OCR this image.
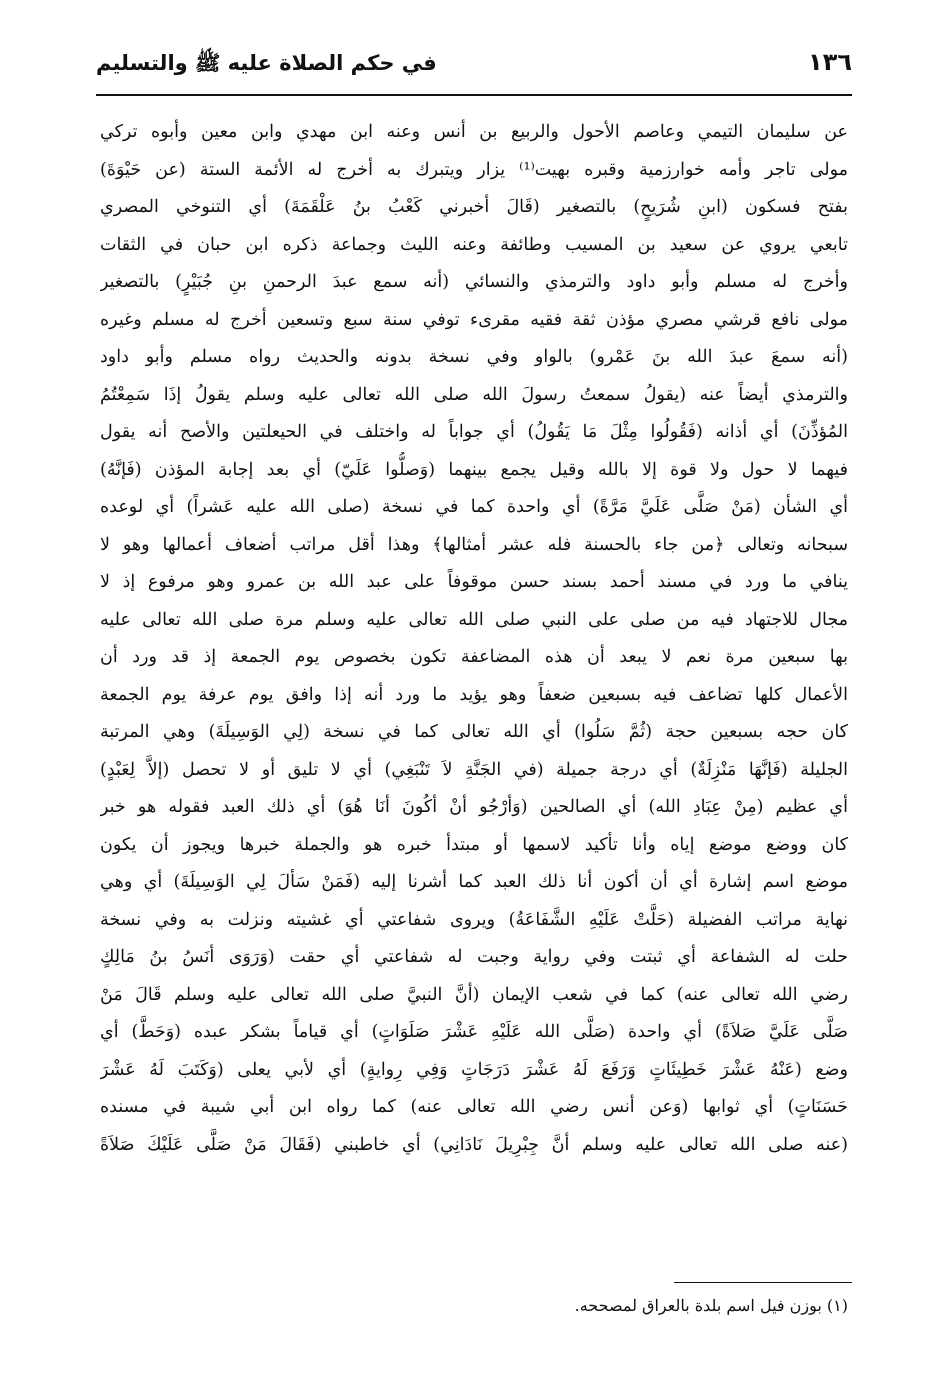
١٣٦
في حكم الصلاة عليه ﷺ والتسليم
عن سليمان التيمي وعاصم الأحول والربيع بن أنس وعنه ابن مهدي وابن معين وأبوه تركي
مولى تاجر وأمه خوارزمية وقبره بهيت⁽¹⁾ يزار ويتبرك به أخرج له الأئمة الستة (عن حَيْوَةَ)
بفتح فسكون (ابنِ شُرَيحٍ) بالتصغير (قَالَ أخبرني كَعْبُ بنُ عَلْقَمَةَ) أي التنوخي المصري
تابعي يروي عن سعيد بن المسيب وطائفة وعنه الليث وجماعة ذكره ابن حبان في الثقات
وأخرج له مسلم وأبو داود والترمذي والنسائي (أنه سمع عبدَ الرحمنِ بنِ جُبَيْرٍ) بالتصغير
مولى نافع قرشي مصري مؤذن ثقة فقيه مقرىء توفي سنة سبع وتسعين أخرج له مسلم وغيره
(أنه سمعَ عبدَ الله بنَ عَمْرو) بالواو وفي نسخة بدونه والحديث رواه مسلم وأبو داود
والترمذي أيضاً عنه (يقولُ سمعتُ رسولَ الله صلى الله تعالى عليه وسلم يقولُ إذَا سَمِعْتُمُ
المُؤذِّنَ) أي أذانه (فَقُولُوا مِثْلَ مَا يَقُولُ) أي جواباً له واختلف في الحيعلتين والأصح أنه يقول
فيهما لا حول ولا قوة إلا بالله وقيل يجمع بينهما (وَصلُّوا عَلَيّ) أي بعد إجابة المؤذن (فَإنَّهُ)
أي الشأن (مَنْ صَلَّى عَلَيَّ مَرَّةً) أي واحدة كما في نسخة (صلى الله عليه عَشراً) أي لوعده
سبحانه وتعالى ﴿من جاء بالحسنة فله عشر أمثالها﴾ وهذا أقل مراتب أضعاف أعمالها وهو لا
ينافي ما ورد في مسند أحمد بسند حسن موقوفاً على عبد الله بن عمرو وهو مرفوع إذ لا
مجال للاجتهاد فيه من صلى على النبي صلى الله تعالى عليه وسلم مرة صلى الله تعالى عليه
بها سبعين مرة نعم لا يبعد أن هذه المضاعفة تكون بخصوص يوم الجمعة إذ قد ورد أن
الأعمال كلها تضاعف فيه بسبعين ضعفاً وهو يؤيد ما ورد أنه إذا وافق يوم عرفة يوم الجمعة
كان حجه بسبعين حجة (ثُمَّ سَلُوا) أي الله تعالى كما في نسخة (لِي الوَسِيلَةَ) وهي المرتبة
الجليلة (فَإنَّهَا مَنْزِلَةٌ) أي درجة جميلة (في الجَنَّةِ لاَ تَنْبَغِي) أي لا تليق أو لا تحصل (إلاَّ لِعَبْدٍ)
أي عظيم (مِنْ عِبَادِ الله) أي الصالحين (وَأرْجُو أنْ أكُونَ أنَا هُوَ) أي ذلك العبد فقوله هو خبر
كان ووضع موضع إياه وأنا تأكيد لاسمها أو مبتدأ خبره هو والجملة خبرها ويجوز أن يكون
موضع اسم إشارة أي أن أكون أنا ذلك العبد كما أشرنا إليه (فَمَنْ سَألَ لِي الوَسِيلَةَ) أي وهي
نهاية مراتب الفضيلة (حَلَّتْ عَلَيْهِ الشَّفَاعَةُ) ويروى شفاعتي أي غشيته ونزلت به وفي نسخة
حلت له الشفاعة أي ثبتت وفي رواية وجبت له شفاعتي أي حقت (وَرَوَى أنَسُ بنُ مَالِكٍ
رضي الله تعالى عنه) كما في شعب الإيمان (أنَّ النبيَّ صلى الله تعالى عليه وسلم قَالَ مَنْ
صَلَّى عَلَيَّ صَلاَةً) أي واحدة (صَلَّى الله عَلَيْهِ عَشْرَ صَلَوَاتٍ) أي قياماً بشكر عبده (وَحَطَّ) أي
وضع (عَنْهُ عَشْرَ خَطِيئَاتٍ وَرَفَعَ لَهُ عَشْرَ دَرَجَاتٍ وَفِي رِوايةٍ) أي لأبي يعلى (وَكَتَبَ لَهُ عَشْرَ
حَسَنَاتٍ) أي ثوابها (وَعن أنس رضي الله تعالى عنه) كما رواه ابن أبي شيبة في مسنده
(عنه صلى الله تعالى عليه وسلم أنَّ جِبْرِيلَ نَادَانِي) أي خاطبني (فَقَالَ مَنْ صَلَّى عَلَيْكَ صَلاَةً
(١) بوزن فيل اسم بلدة بالعراق لمصححه.
